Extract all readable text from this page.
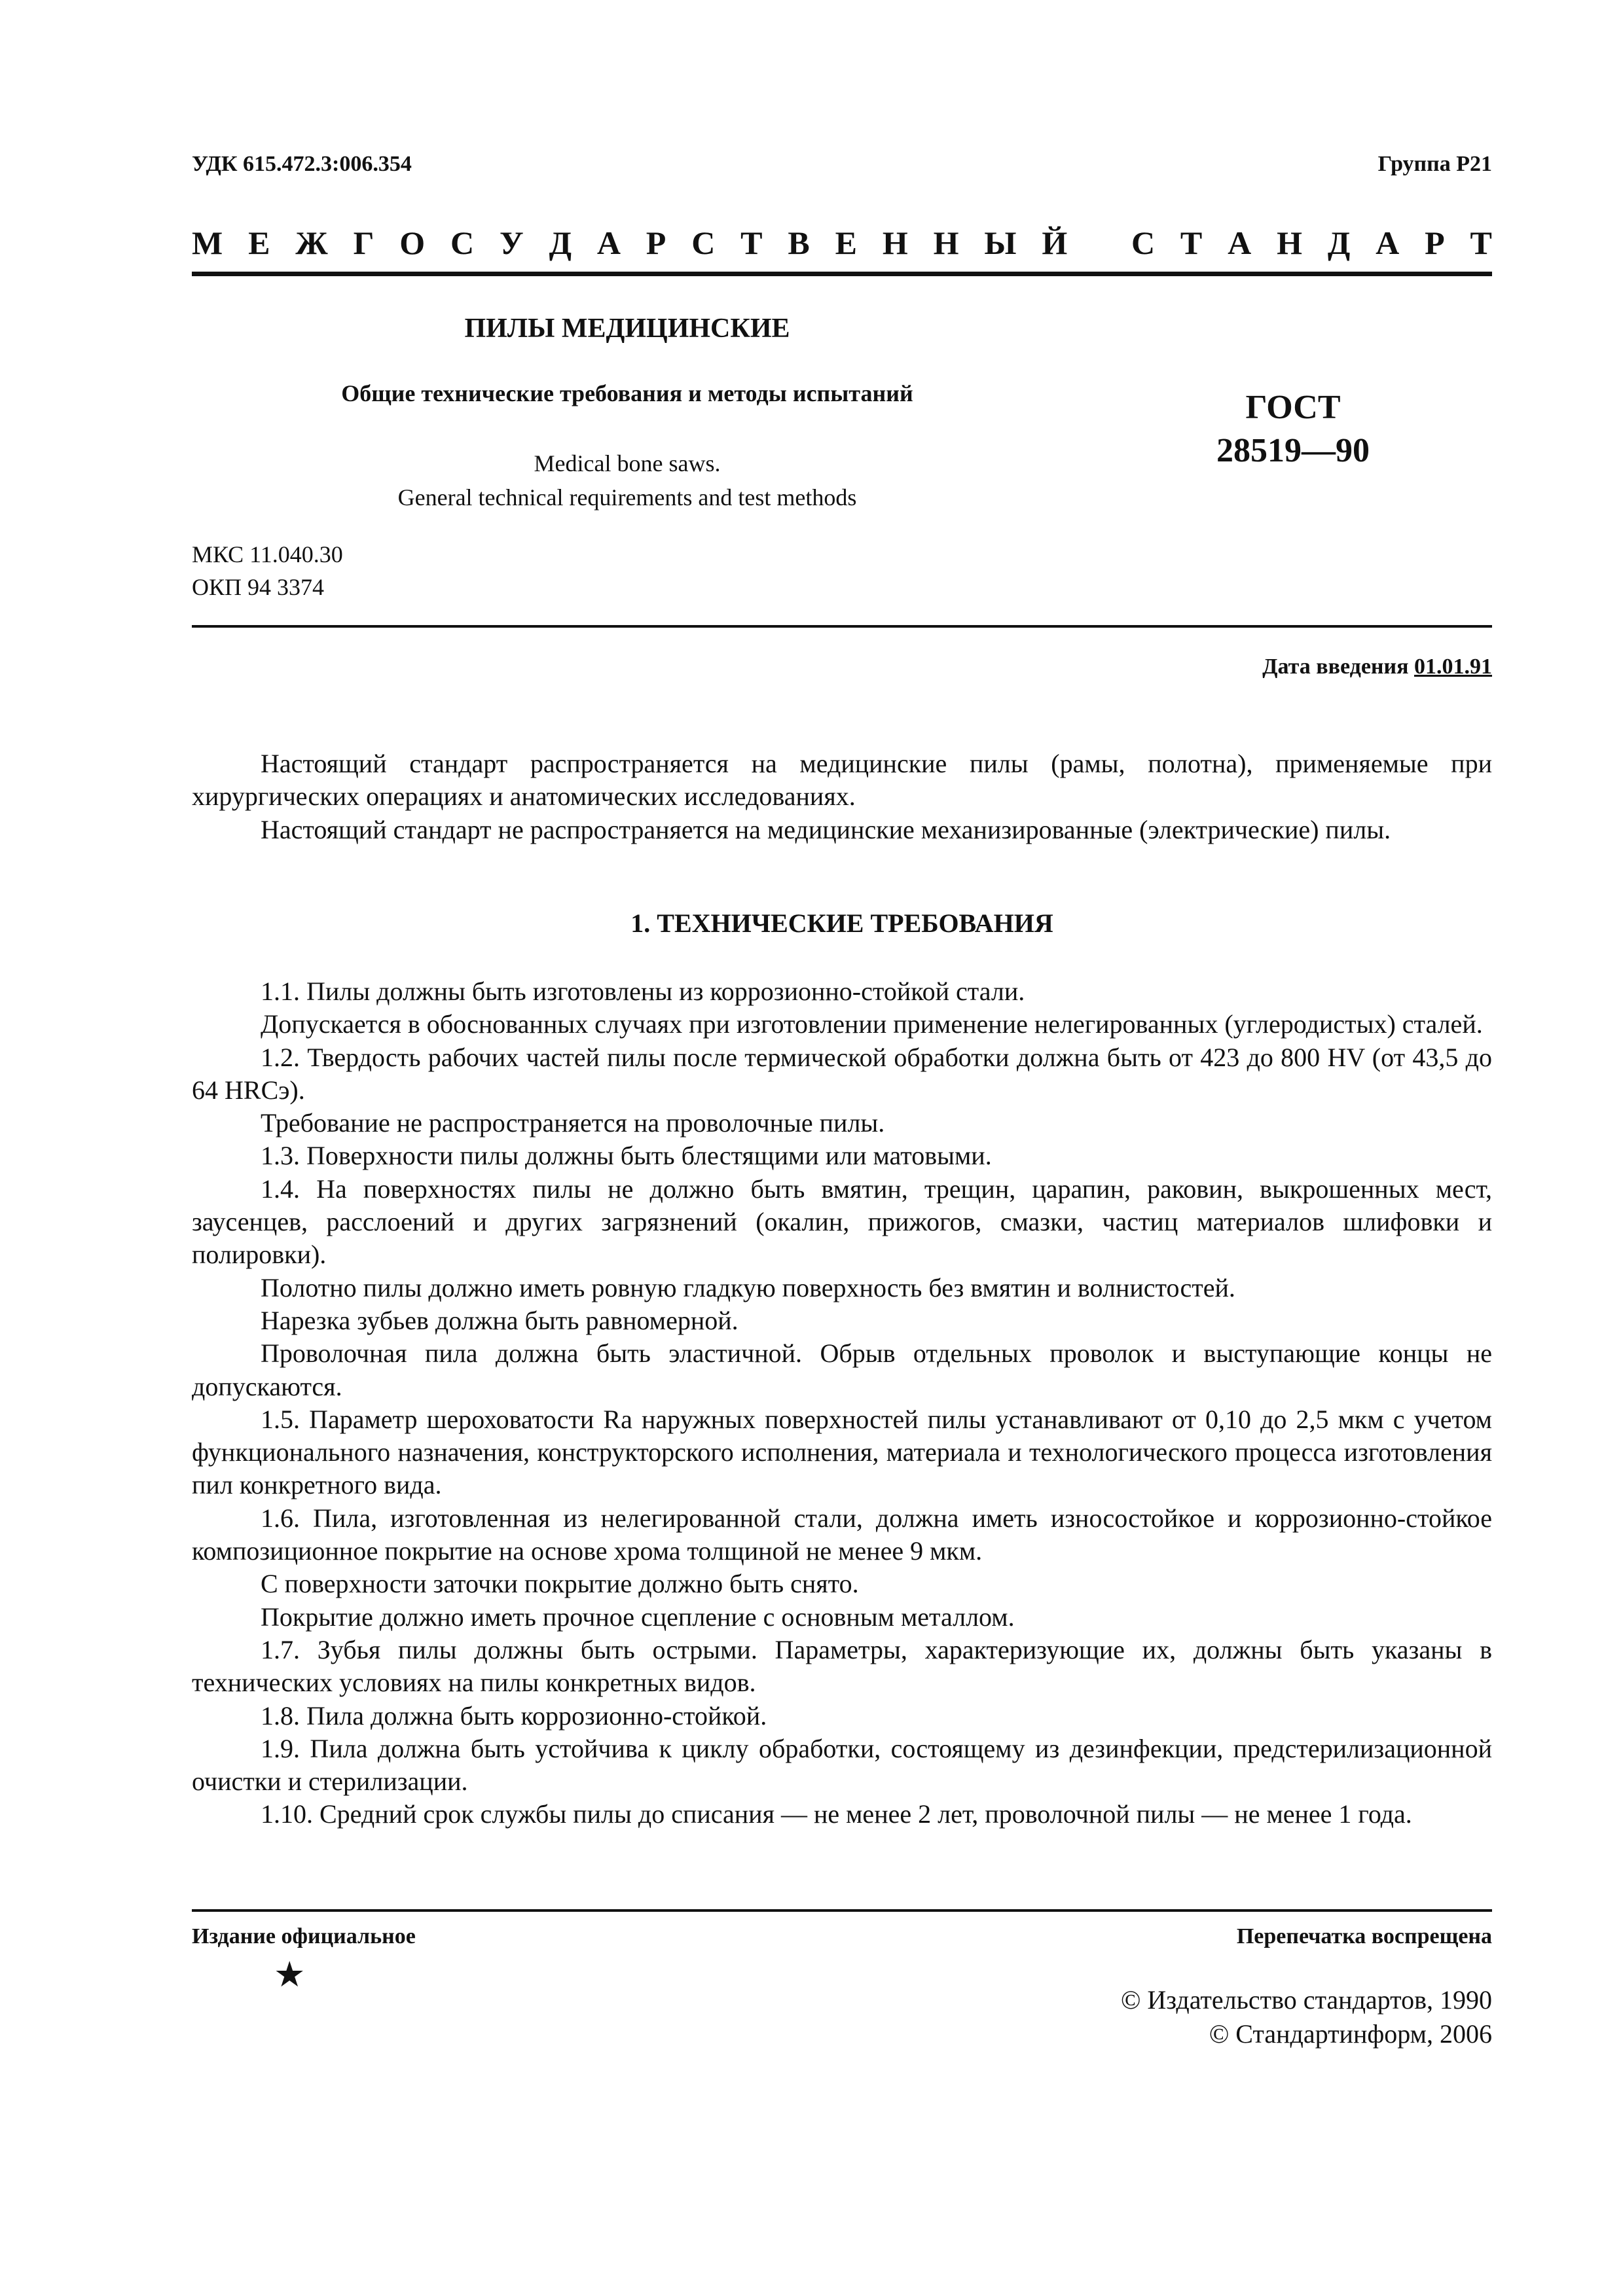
УДК 615.472.3:006.354	Группа Р21
М Е Ж Г О С У Д А Р С Т В Е Н Н Ы Й С Т А Н Д А Р Т
ПИЛЫ МЕДИЦИНСКИЕ
Общие технические требования и методы испытаний
Medical bone saws.
General technical requirements and test methods
ГОСТ
28519—90
МКС 11.040.30
ОКП 94 3374
Дата введения 01.01.91

Настоящий стандарт распространяется на медицинские пилы (рамы, полотна), применяемые при хирургических операциях и анатомических исследованиях.

Настоящий стандарт не распространяется на медицинские механизированные (электрические) пилы.

1. ТЕХНИЧЕСКИЕ ТРЕБОВАНИЯ

1.1. Пилы должны быть изготовлены из коррозионно-стойкой стали.

Допускается в обоснованных случаях при изготовлении применение нелегированных (углеродистых) сталей.

1.2. Твердость рабочих частей пилы после термической обработки должна быть от 423 до 800 HV (от 43,5 до 64 HRCэ).

Требование не распространяется на проволочные пилы.

1.3. Поверхности пилы должны быть блестящими или матовыми.

1.4. На поверхностях пилы не должно быть вмятин, трещин, царапин, раковин, выкрошенных мест, заусенцев, расслоений и других загрязнений (окалин, прижогов, смазки, частиц материалов шлифовки и полировки).

Полотно пилы должно иметь ровную гладкую поверхность без вмятин и волнистостей.

Нарезка зубьев должна быть равномерной.

Проволочная пила должна быть эластичной. Обрыв отдельных проволок и выступающие концы не допускаются.

1.5. Параметр шероховатости Ra наружных поверхностей пилы устанавливают от 0,10 до 2,5 мкм с учетом функционального назначения, конструкторского исполнения, материала и технологического процесса изготовления пил конкретного вида.

1.6. Пила, изготовленная из нелегированной стали, должна иметь износостойкое и коррозионно-стойкое композиционное покрытие на основе хрома толщиной не менее 9 мкм.

С поверхности заточки покрытие должно быть снято.

Покрытие должно иметь прочное сцепление с основным металлом.

1.7. Зубья пилы должны быть острыми. Параметры, характеризующие их, должны быть указаны в технических условиях на пилы конкретных видов.

1.8. Пила должна быть коррозионно-стойкой.

1.9. Пила должна быть устойчива к циклу обработки, состоящему из дезинфекции, предстерилизационной очистки и стерилизации.

1.10. Средний срок службы пилы до списания — не менее 2 лет, проволочной пилы — не менее 1 года.

Издание официальное	Перепечатка воспрещена
★
© Издательство стандартов, 1990
© Стандартинформ, 2006
